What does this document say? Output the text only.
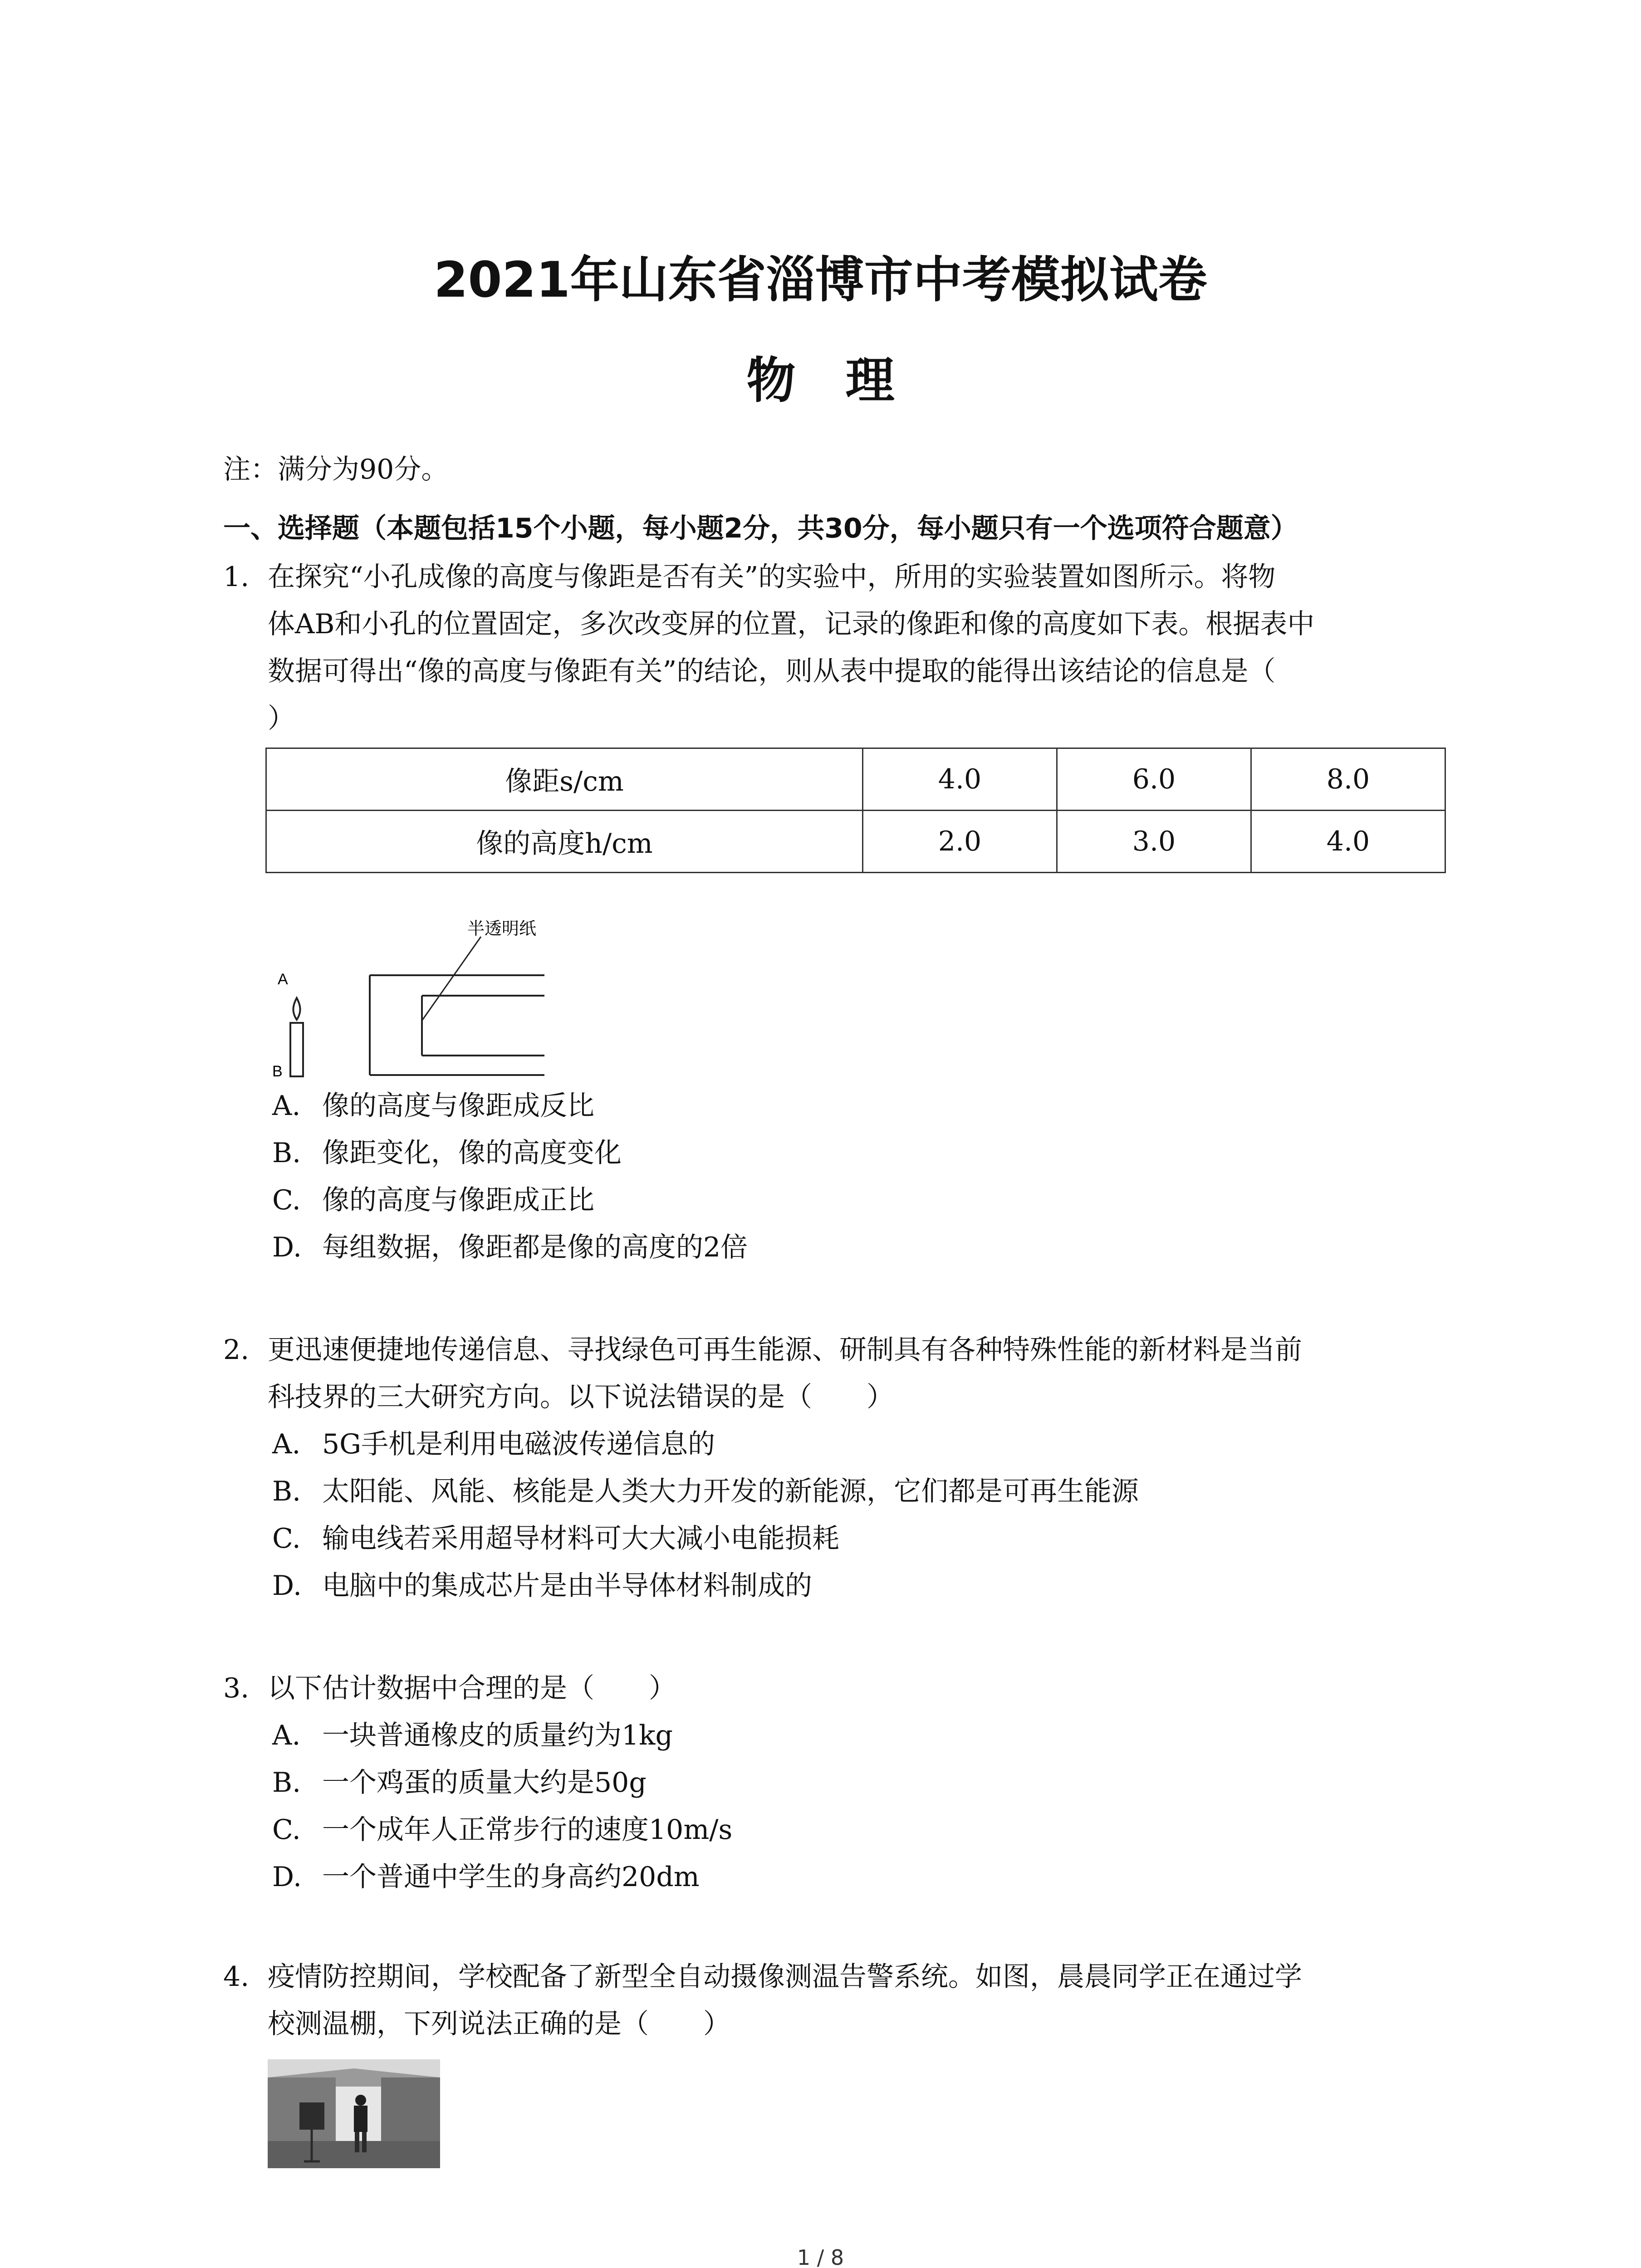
2021年山东省淄博市中考模拟试卷
物理
注：满分为90分。
一、选择题（本题包括15个小题，每小题2分，共30分，每小题只有一个选项符合题意）
1. 在探究“小孔成像的高度与像距是否有关”的实验中，所用的实验装置如图所示。将物
体AB和小孔的位置固定，多次改变屏的位置，记录的像距和像的高度如下表。根据表中
数据可得出“像的高度与像距有关”的结论，则从表中提取的能得出该结论的信息是（
）
像距s/cm	4.0	6.0	8.0
像的高度h/cm	2.0	3.0	4.0
A
B
半透明纸
A. 像的高度与像距成反比
B. 像距变化，像的高度变化
C. 像的高度与像距成正比
D. 每组数据，像距都是像的高度的2倍
2. 更迅速便捷地传递信息、寻找绿色可再生能源、研制具有各种特殊性能的新材料是当前
科技界的三大研究方向。以下说法错误的是（　　）
A. 5G手机是利用电磁波传递信息的
B. 太阳能、风能、核能是人类大力开发的新能源，它们都是可再生能源
C. 输电线若采用超导材料可大大减小电能损耗
D. 电脑中的集成芯片是由半导体材料制成的
3. 以下估计数据中合理的是（　　）
A. 一块普通橡皮的质量约为1kg
B. 一个鸡蛋的质量大约是50g
C. 一个成年人正常步行的速度10m/s
D. 一个普通中学生的身高约20dm
4. 疫情防控期间，学校配备了新型全自动摄像测温告警系统。如图，晨晨同学正在通过学
校测温棚，下列说法正确的是（　　）
1 / 8
